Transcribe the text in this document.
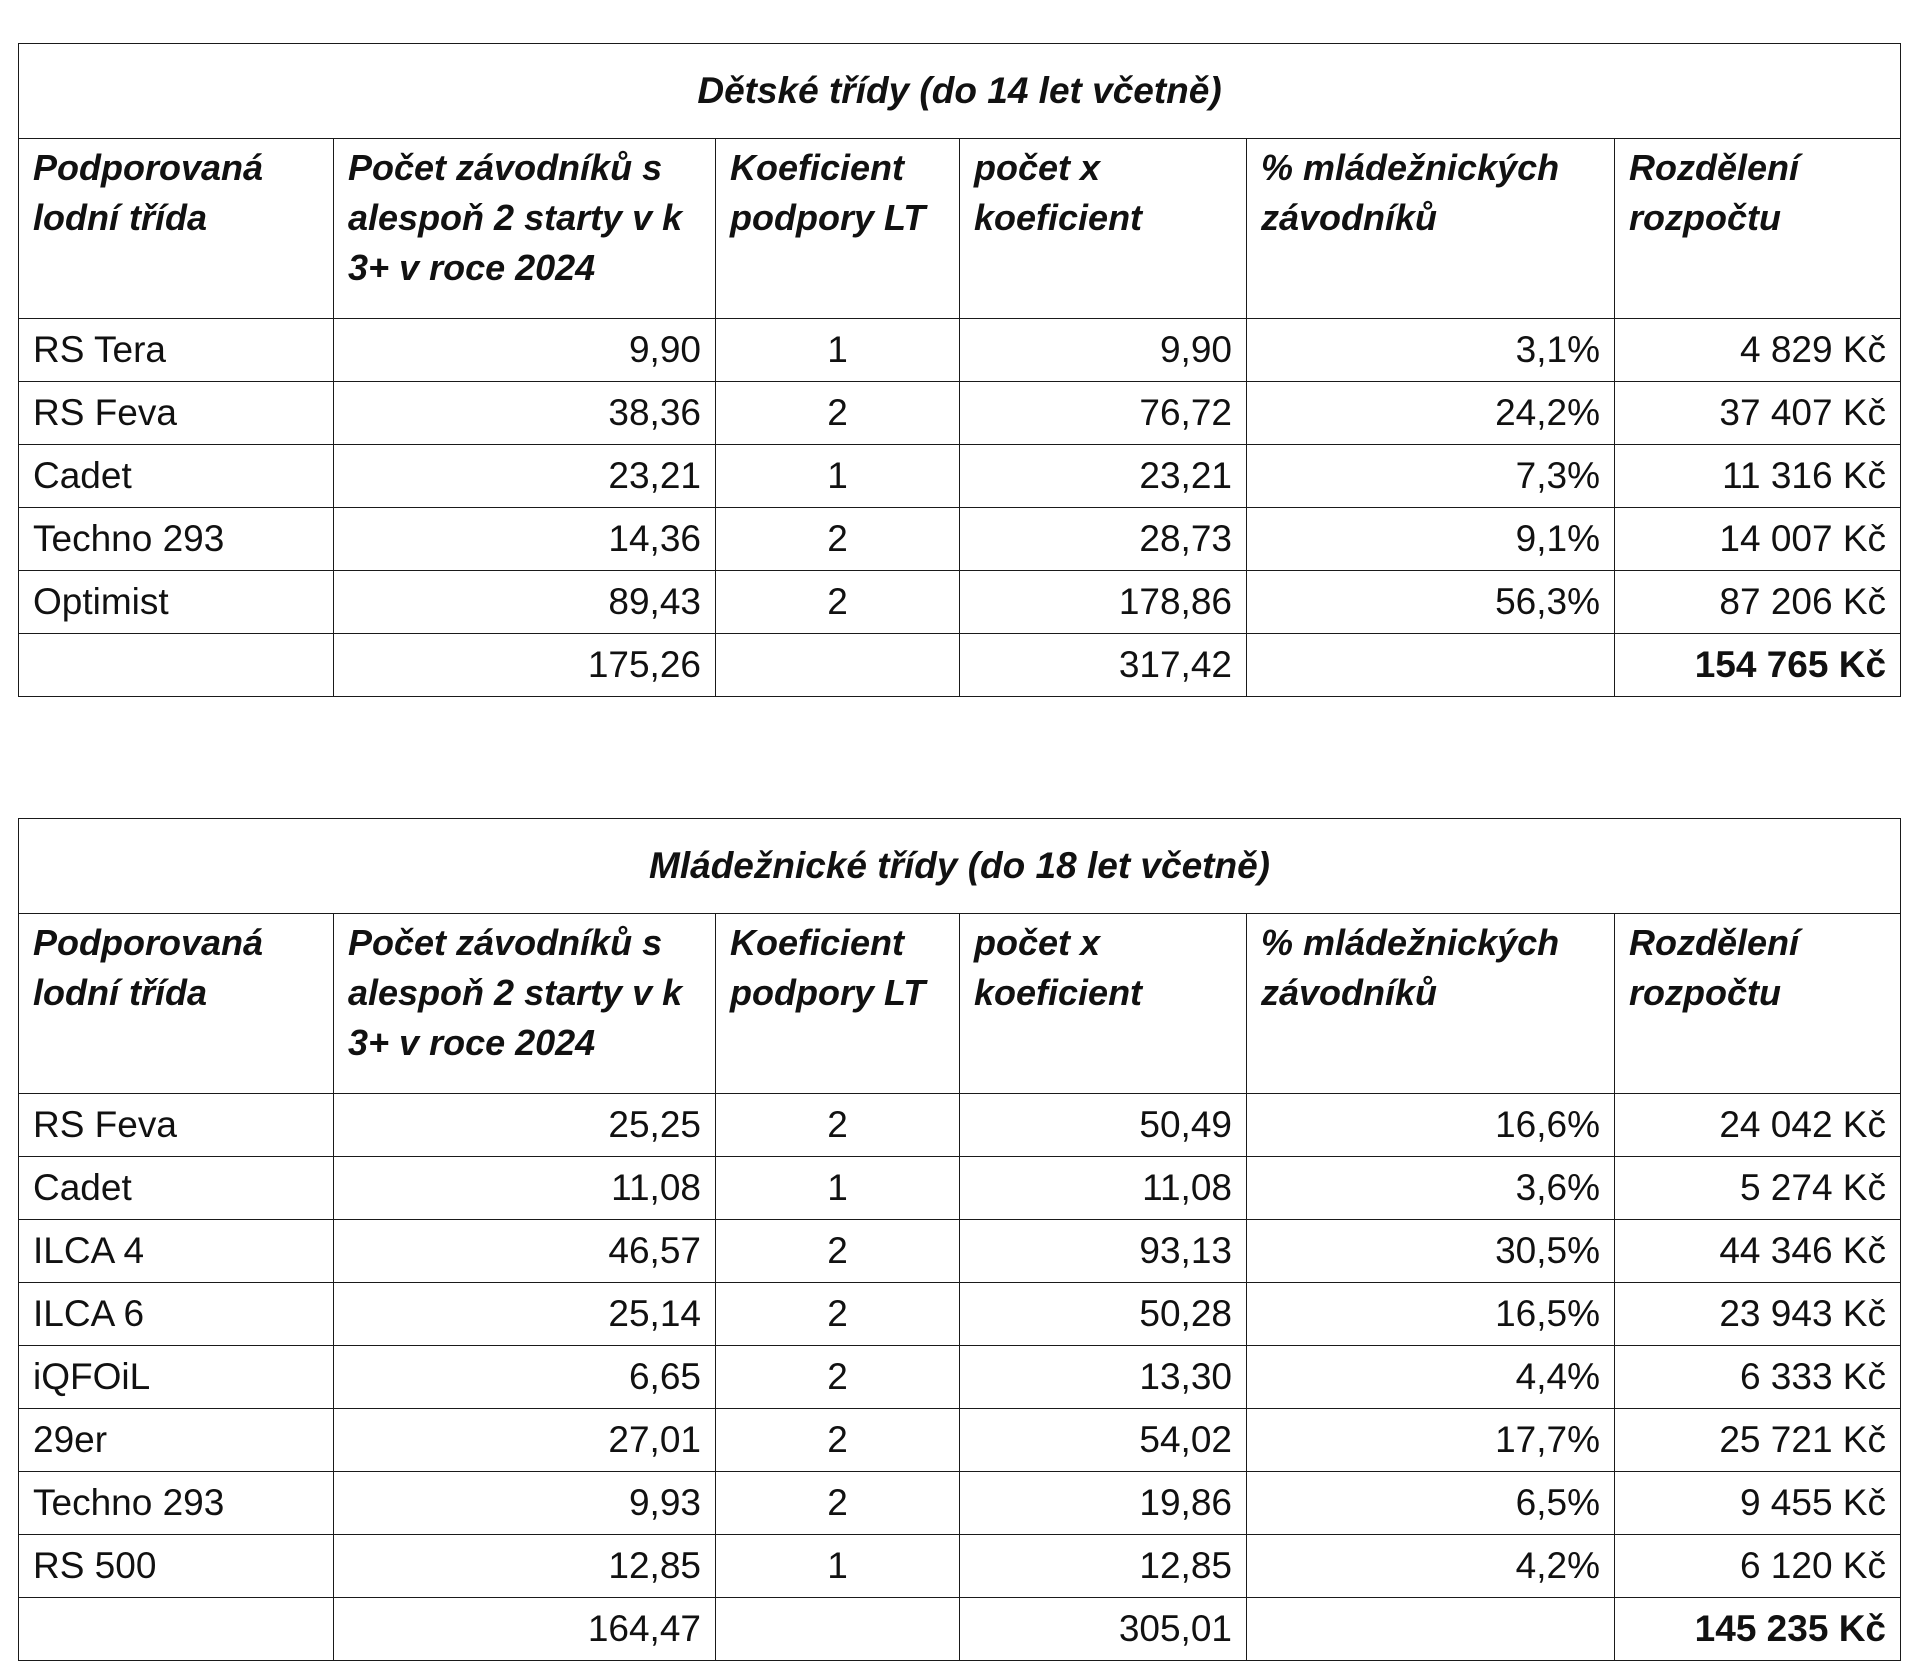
Dětské třídy (do 14 let včetně)					
Podporovaná lodní třída	Počet závodníků s alespoň 2 starty v k 3+ v roce 2024	Koeficient podpory LT	počet x koeficient	% mládežnických závodníků	Rozdělení rozpočtu
RS Tera	9,90	1	9,90	3,1%	4 829 Kč
RS Feva	38,36	2	76,72	24,2%	37 407 Kč
Cadet	23,21	1	23,21	7,3%	11 316 Kč
Techno 293	14,36	2	28,73	9,1%	14 007 Kč
Optimist	89,43	2	178,86	56,3%	87 206 Kč
	175,26		317,42		154 765 Kč
Mládežnické třídy (do 18 let včetně)					
Podporovaná lodní třída	Počet závodníků s alespoň 2 starty v k 3+ v roce 2024	Koeficient podpory LT	počet x koeficient	% mládežnických závodníků	Rozdělení rozpočtu
RS Feva	25,25	2	50,49	16,6%	24 042 Kč
Cadet	11,08	1	11,08	3,6%	5 274 Kč
ILCA 4	46,57	2	93,13	30,5%	44 346 Kč
ILCA 6	25,14	2	50,28	16,5%	23 943 Kč
iQFOiL	6,65	2	13,30	4,4%	6 333 Kč
29er	27,01	2	54,02	17,7%	25 721 Kč
Techno 293	9,93	2	19,86	6,5%	9 455 Kč
RS 500	12,85	1	12,85	4,2%	6 120 Kč
	164,47		305,01		145 235 Kč
